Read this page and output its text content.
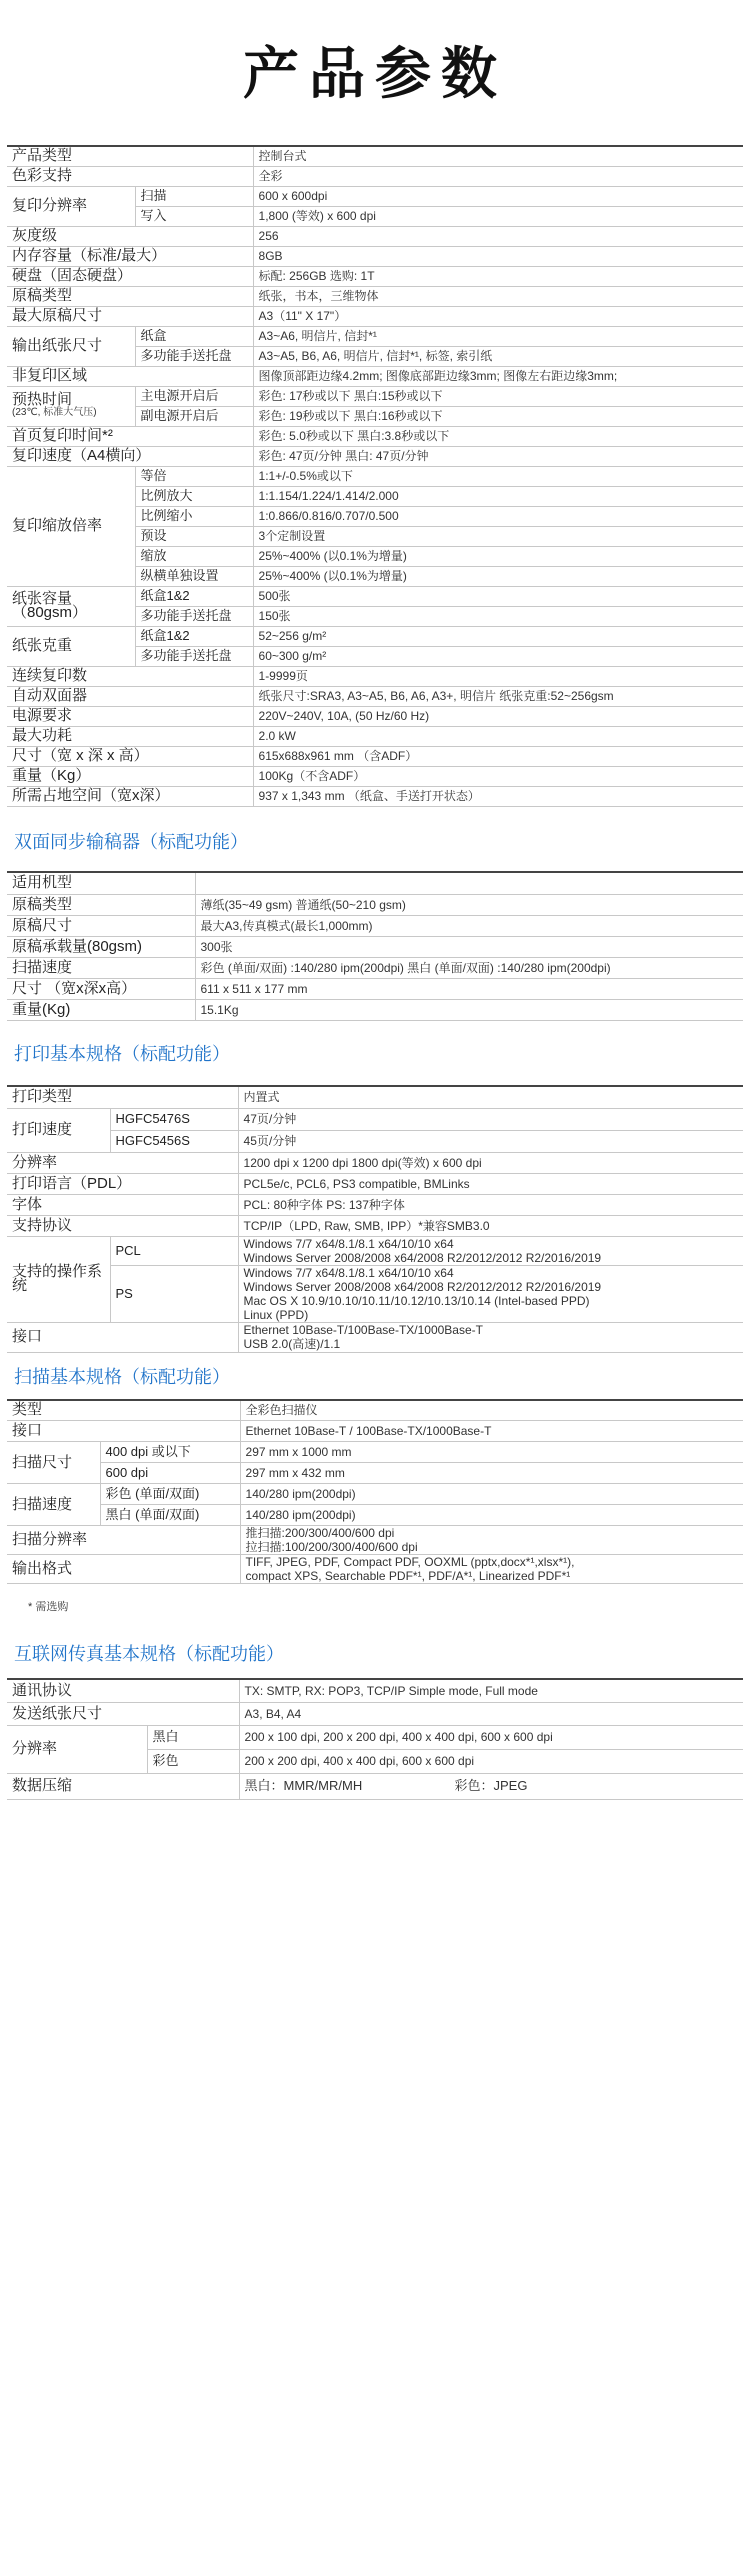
产品参数
产品类型		控制台式
色彩支持		全彩
复印分辨率	扫描	600 x 600dpi
	写入	1,800 (等效) x 600 dpi
灰度级		256
内存容量（标准/最大）		8GB
硬盘（固态硬盘）		标配: 256GB 选购: 1T
原稿类型		纸张，书本，三维物体
最大原稿尺寸		A3（11" X 17"）
输出纸张尺寸	纸盒	A3~A6, 明信片, 信封*¹
	多功能手送托盘	A3~A5, B6, A6, 明信片, 信封*¹, 标签, 索引纸
非复印区域		图像顶部距边缘4.2mm; 图像底部距边缘3mm; 图像左右距边缘3mm;
预热时间
(23℃, 标准大气压)	主电源开启后	彩色: 17秒或以下 黑白:15秒或以下
	副电源开启后	彩色: 19秒或以下 黑白:16秒或以下
首页复印时间*²		彩色: 5.0秒或以下 黑白:3.8秒或以下
复印速度（A4横向）		彩色: 47页/分钟 黑白: 47页/分钟
复印缩放倍率	等倍	1:1+/-0.5%或以下
	比例放大	1:1.154/1.224/1.414/2.000
	比例缩小	1:0.866/0.816/0.707/0.500
	预设	3个定制设置
	缩放	25%~400% (以0.1%为增量)
	纵横单独设置	25%~400% (以0.1%为增量)
纸张容量
（80gsm）	纸盒1&2	500张
	多功能手送托盘	150张
纸张克重	纸盒1&2	52~256 g/m²
	多功能手送托盘	60~300 g/m²
连续复印数		1-9999页
自动双面器		纸张尺寸:SRA3, A3~A5, B6, A6, A3+, 明信片 纸张克重:52~256gsm
电源要求		220V~240V, 10A, (50 Hz/60 Hz)
最大功耗		2.0 kW
尺寸（宽 x 深 x 高）		615x688x961 mm （含ADF）
重量（Kg）		100Kg（不含ADF）
所需占地空间（宽x深）		937 x 1,343 mm （纸盒、手送打开状态）
双面同步输稿器（标配功能）
适用机型	
原稿类型	薄纸(35~49 gsm) 普通纸(50~210 gsm)
原稿尺寸	最大A3,传真模式(最长1,000mm)
原稿承载量(80gsm)	300张
扫描速度	彩色 (单面/双面) :140/280 ipm(200dpi) 黑白 (单面/双面) :140/280 ipm(200dpi)
尺寸 （宽x深x高）	611 x 511 x 177 mm
重量(Kg)	15.1Kg
打印基本规格（标配功能）
打印类型		内置式
打印速度	HGFC5476S	47页/分钟
	HGFC5456S	45页/分钟
分辨率		1200 dpi x 1200 dpi 1800 dpi(等效) x 600 dpi
打印语言（PDL）		PCL5e/c, PCL6, PS3 compatible, BMLinks
字体		PCL: 80种字体 PS: 137种字体
支持协议		TCP/IP（LPD, Raw, SMB, IPP）*兼容SMB3.0
支持的操作系统	PCL	Windows 7/7 x64/8.1/8.1 x64/10/10 x64
Windows Server 2008/2008 x64/2008 R2/2012/2012 R2/2016/2019
	PS	Windows 7/7 x64/8.1/8.1 x64/10/10 x64
Windows Server 2008/2008 x64/2008 R2/2012/2012 R2/2016/2019
Mac OS X 10.9/10.10/10.11/10.12/10.13/10.14 (Intel-based PPD)
Linux (PPD)
接口		Ethernet 10Base-T/100Base-TX/1000Base-T
USB 2.0(高速)/1.1
扫描基本规格（标配功能）
类型		全彩色扫描仪
接口		Ethernet 10Base-T / 100Base-TX/1000Base-T
扫描尺寸	400 dpi 或以下	297 mm x 1000 mm
	600 dpi	297 mm x 432 mm
扫描速度	彩色 (单面/双面)	140/280 ipm(200dpi)
	黑白 (单面/双面)	140/280 ipm(200dpi)
扫描分辨率		推扫描:200/300/400/600 dpi
拉扫描:100/200/300/400/600 dpi
输出格式		TIFF, JPEG, PDF, Compact PDF, OOXML (pptx,docx*¹,xlsx*¹),
compact XPS, Searchable PDF*¹, PDF/A*¹, Linearized PDF*¹
* 需选购
互联网传真基本规格（标配功能）
通讯协议		TX: SMTP, RX: POP3, TCP/IP Simple mode, Full mode
发送纸张尺寸		A3, B4, A4
分辨率	黑白	200 x 100 dpi, 200 x 200 dpi, 400 x 400 dpi, 600 x 600 dpi
	彩色	200 x 200 dpi, 400 x 400 dpi, 600 x 600 dpi
数据压缩		黑白：MMR/MR/MH 彩色：JPEG
